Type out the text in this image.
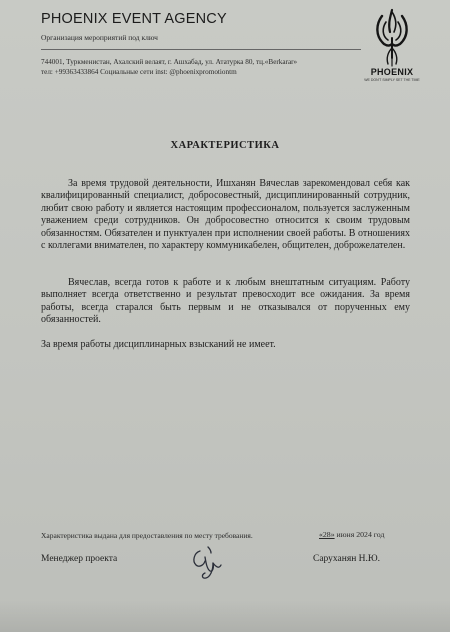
PHOENIX EVENT AGENCY
Организация мероприятий под ключ
744001, Туркменистан, Ахалский велаят, г. Ашхабад, ул. Ататурка 80, тц.«Berkarar»
тел: +99363433864 Социальные сети inst: @phoenixpromotiontm	PHOENIX
WE DON'T SIMPLY SET THE TIME
ХАРАКТЕРИСТИКА
За время трудовой деятельности, Ишханян Вячеслав зарекомендовал себя как квалифицированный специалист, добросовестный, дисциплинированный сотрудник, любит свою работу и является настоящим профессионалом, пользуется заслуженным уважением среди сотрудников. Он добросовестно относится к своим трудовым обязанностям. Обязателен и пунктуален при исполнении своей работы. В отношениях с коллегами внимателен, по характеру коммуникабелен, общителен, доброжелателен.
Вячеслав, всегда готов к работе и к любым внештатным ситуациям. Работу выполняет всегда ответственно и результат превосходит все ожидания. За время работы, всегда старался быть первым и не отказывался от порученных ему обязанностей.
За время работы дисциплинарных взысканий не имеет.
Характеристика выдана для предоставления по месту требования.	«28» июня 2024 год
Менеджер проекта	Саруханян Н.Ю.
